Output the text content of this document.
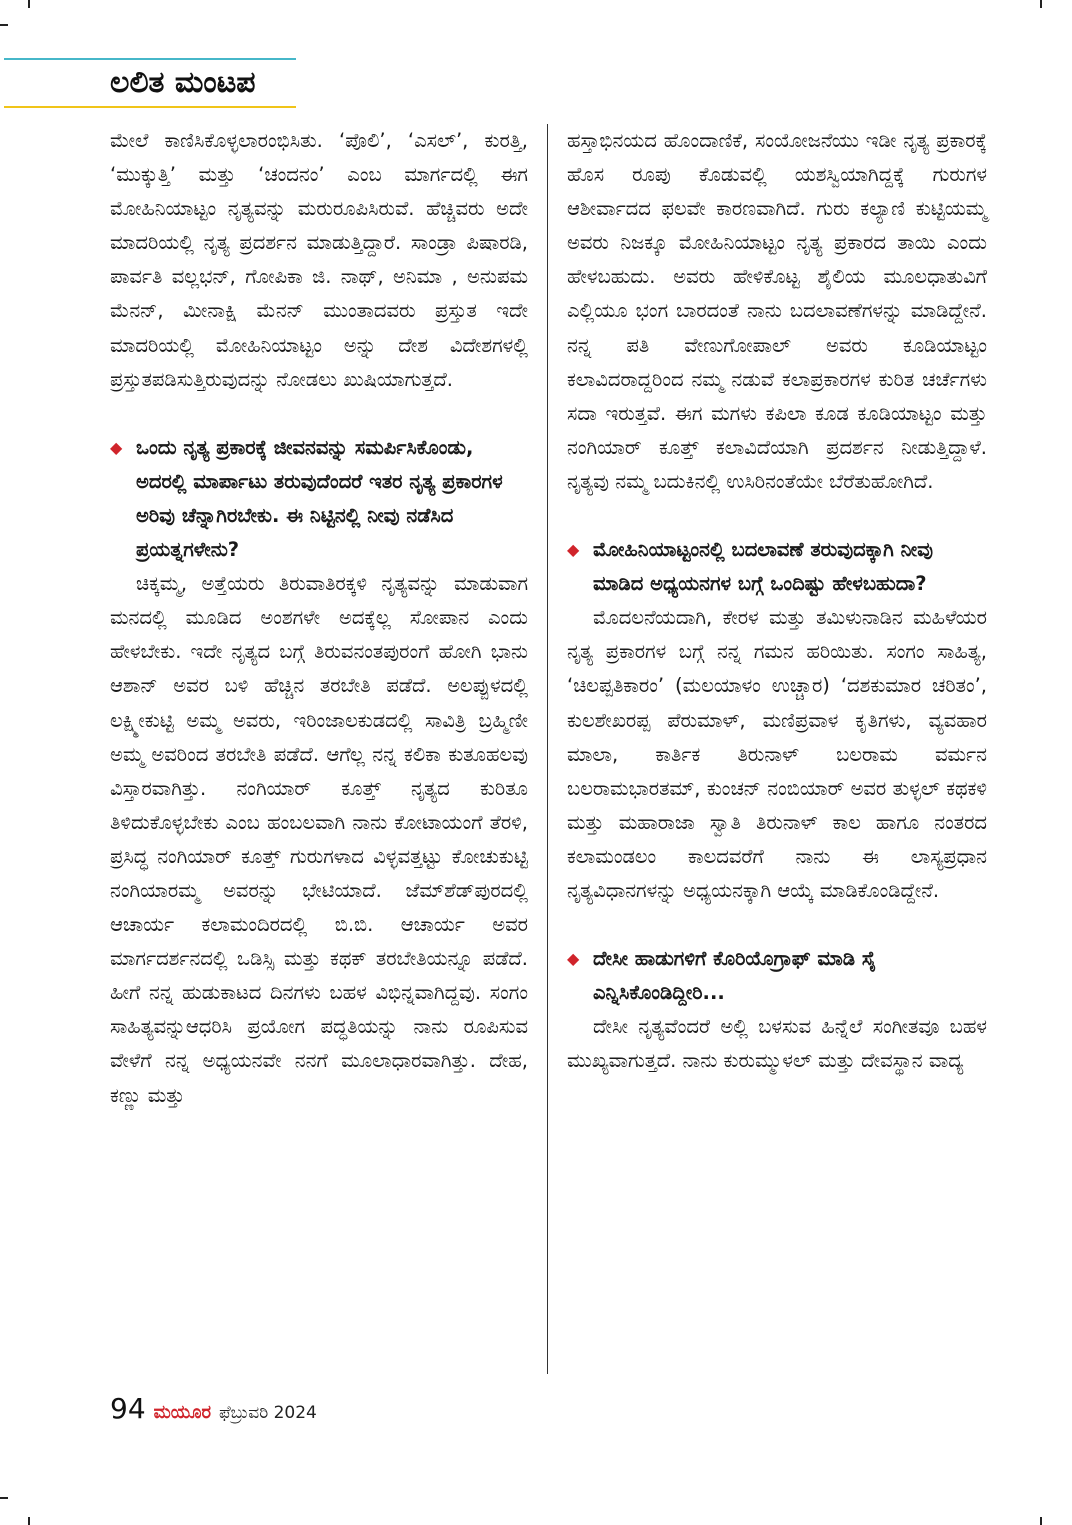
ಲಲಿತ ಮಂಟಪ

ಮೇಲೆ ಕಾಣಿಸಿಕೊಳ್ಳಲಾರಂಭಿಸಿತು. ‘ಪೊಲಿ’, ‘ಎಸಲ್’, ಕುರತ್ತಿ, ‘ಮುಕ್ಕುತ್ತಿ’ ಮತ್ತು ‘ಚಂದನಂ’ ಎಂಬ ಮಾರ್ಗದಲ್ಲಿ ಈಗ ಮೋಹಿನಿಯಾಟ್ಟಂ ನೃತ್ಯವನ್ನು ಮರುರೂಪಿಸಿರುವೆ. ಹೆಚ್ಚಿವರು ಅದೇ ಮಾದರಿಯಲ್ಲಿ ನೃತ್ಯ ಪ್ರದರ್ಶನ ಮಾಡುತ್ತಿದ್ದಾರೆ. ಸಾಂಡ್ರಾ ಪಿಷಾರಡಿ, ಪಾರ್ವತಿ ವಲ್ಲಭನ್, ಗೋಪಿಕಾ ಜಿ. ನಾಥ್, ಅನಿಮಾ , ಅನುಪಮ ಮೆನನ್, ಮೀನಾಕ್ಷಿ ಮೆನನ್ ಮುಂತಾದವರು ಪ್ರಸ್ತುತ ಇದೇ ಮಾದರಿಯಲ್ಲಿ ಮೋಹಿನಿಯಾಟ್ಟಂ ಅನ್ನು ದೇಶ ವಿದೇಶಗಳಲ್ಲಿ ಪ್ರಸ್ತುತಪಡಿಸುತ್ತಿರುವುದನ್ನು ನೋಡಲು ಖುಷಿಯಾಗುತ್ತದೆ.

◆ ಒಂದು ನೃತ್ಯ ಪ್ರಕಾರಕ್ಕೆ ಜೀವನವನ್ನು ಸಮರ್ಪಿಸಿಕೊಂಡು, ಅದರಲ್ಲಿ ಮಾರ್ಪಾಟು ತರುವುದೆಂದರೆ ಇತರ ನೃತ್ಯ ಪ್ರಕಾರಗಳ ಅರಿವು ಚೆನ್ನಾಗಿರಬೇಕು. ಈ ನಿಟ್ಟಿನಲ್ಲಿ ನೀವು ನಡೆಸಿದ ಪ್ರಯತ್ನಗಳೇನು?

ಚಿಕ್ಕಮ್ಮ, ಅತ್ತೆಯರು ತಿರುವಾತಿರಕ್ಕಳಿ ನೃತ್ಯವನ್ನು ಮಾಡುವಾಗ ಮನದಲ್ಲಿ ಮೂಡಿದ ಅಂಶಗಳೇ ಅದಕ್ಕೆಲ್ಲ ಸೋಪಾನ ಎಂದು ಹೇಳಬೇಕು. ಇದೇ ನೃತ್ಯದ ಬಗ್ಗೆ ತಿರುವನಂತಪುರಂಗೆ ಹೋಗಿ ಭಾನು ಆಶಾನ್ ಅವರ ಬಳಿ ಹೆಚ್ಚಿನ ತರಬೇತಿ ಪಡೆದೆ. ಅಲಪ್ಪುಳದಲ್ಲಿ ಲಕ್ಷ್ಮೀಕುಟ್ಟಿ ಅಮ್ಮ ಅವರು, ಇರಿಂಜಾಲಕುಡದಲ್ಲಿ ಸಾವಿತ್ರಿ ಬ್ರಹ್ಮಿಣೀ ಅಮ್ಮ ಅವರಿಂದ ತರಬೇತಿ ಪಡೆದೆ. ಆಗೆಲ್ಲ ನನ್ನ ಕಲಿಕಾ ಕುತೂಹಲವು ವಿಸ್ತಾರವಾಗಿತ್ತು. ನಂಗಿಯಾರ್ ಕೂತ್ತ್ ನೃತ್ಯದ ಕುರಿತೂ ತಿಳಿದುಕೊಳ್ಳಬೇಕು ಎಂಬ ಹಂಬಲವಾಗಿ ನಾನು ಕೋಟಾಯಂಗೆ ತೆರಳಿ, ಪ್ರಸಿದ್ಧ ನಂಗಿಯಾರ್ ಕೂತ್ತ್ ಗುರುಗಳಾದ ವಿಳ್ಳವತ್ತಟ್ಟು ಕೋಚುಕುಟ್ಟಿ ನಂಗಿಯಾರಮ್ಮ ಅವರನ್ನು ಭೇಟಿಯಾದೆ. ಜೆಮ್‌ಶೆಡ್‌ಪುರದಲ್ಲಿ ಆಚಾರ್ಯ ಕಲಾಮಂದಿರದಲ್ಲಿ ಬಿ.ಬಿ. ಆಚಾರ್ಯ ಅವರ ಮಾರ್ಗದರ್ಶನದಲ್ಲಿ ಒಡಿಸ್ಸಿ ಮತ್ತು ಕಥಕ್ ತರಬೇತಿಯನ್ನೂ ಪಡೆದೆ. ಹೀಗೆ ನನ್ನ ಹುಡುಕಾಟದ ದಿನಗಳು ಬಹಳ ವಿಭಿನ್ನವಾಗಿದ್ದವು. ಸಂಗಂ ಸಾಹಿತ್ಯವನ್ನುಆಧರಿಸಿ ಪ್ರಯೋಗ ಪದ್ಧತಿಯನ್ನು ನಾನು ರೂಪಿಸುವ ವೇಳೆಗೆ ನನ್ನ ಅಧ್ಯಯನವೇ ನನಗೆ ಮೂಲಾಧಾರವಾಗಿತ್ತು. ದೇಹ, ಕಣ್ಣು ಮತ್ತು

ಹಸ್ತಾಭಿನಯದ ಹೊಂದಾಣಿಕೆ, ಸಂಯೋಜನೆಯು ಇಡೀ ನೃತ್ಯ ಪ್ರಕಾರಕ್ಕೆ ಹೊಸ ರೂಪು ಕೊಡುವಲ್ಲಿ ಯಶಸ್ವಿಯಾಗಿದ್ದಕ್ಕೆ ಗುರುಗಳ ಆಶೀರ್ವಾದದ ಫಲವೇ ಕಾರಣವಾಗಿದೆ. ಗುರು ಕಲ್ಯಾಣಿ ಕುಟ್ಟಿಯಮ್ಮ ಅವರು ನಿಜಕ್ಕೂ ಮೋಹಿನಿಯಾಟ್ಟಂ ನೃತ್ಯ ಪ್ರಕಾರದ ತಾಯಿ ಎಂದು ಹೇಳಬಹುದು. ಅವರು ಹೇಳಿಕೊಟ್ಟ ಶೈಲಿಯ ಮೂಲಧಾತುವಿಗೆ ಎಲ್ಲಿಯೂ ಭಂಗ ಬಾರದಂತೆ ನಾನು ಬದಲಾವಣೆಗಳನ್ನು ಮಾಡಿದ್ದೇನೆ. ನನ್ನ ಪತಿ ವೇಣುಗೋಪಾಲ್ ಅವರು ಕೂಡಿಯಾಟ್ಟಂ ಕಲಾವಿದರಾದ್ದರಿಂದ ನಮ್ಮ ನಡುವೆ ಕಲಾಪ್ರಕಾರಗಳ ಕುರಿತ ಚರ್ಚೆಗಳು ಸದಾ ಇರುತ್ತವೆ. ಈಗ ಮಗಳು ಕಪಿಲಾ ಕೂಡ ಕೂಡಿಯಾಟ್ಟಂ ಮತ್ತು ನಂಗಿಯಾರ್ ಕೂತ್ತ್ ಕಲಾವಿದೆಯಾಗಿ ಪ್ರದರ್ಶನ ನೀಡುತ್ತಿದ್ದಾಳೆ. ನೃತ್ಯವು ನಮ್ಮ ಬದುಕಿನಲ್ಲಿ ಉಸಿರಿನಂತೆಯೇ ಬೆರೆತುಹೋಗಿದೆ.

◆ ಮೋಹಿನಿಯಾಟ್ಟಂನಲ್ಲಿ ಬದಲಾವಣೆ ತರುವುದಕ್ಕಾಗಿ ನೀವು ಮಾಡಿದ ಅಧ್ಯಯನಗಳ ಬಗ್ಗೆ ಒಂದಿಷ್ಟು ಹೇಳಬಹುದಾ?

ಮೊದಲನೆಯದಾಗಿ, ಕೇರಳ ಮತ್ತು ತಮಿಳುನಾಡಿನ ಮಹಿಳೆಯರ ನೃತ್ಯ ಪ್ರಕಾರಗಳ ಬಗ್ಗೆ ನನ್ನ ಗಮನ ಹರಿಯಿತು. ಸಂಗಂ ಸಾಹಿತ್ಯ, ‘ಚಿಲಪ್ಪತಿಕಾರಂ’ (ಮಲಯಾಳಂ ಉಚ್ಚಾರ) ‘ದಶಕುಮಾರ ಚರಿತಂ’, ಕುಲಶೇಖರಪ್ಪ ಪೆರುಮಾಳ್, ಮಣಿಪ್ರವಾಳ ಕೃತಿಗಳು, ವ್ಯವಹಾರ ಮಾಲಾ, ಕಾರ್ತಿಕ ತಿರುನಾಳ್ ಬಲರಾಮ ವರ್ಮನ ಬಲರಾಮಭಾರತಮ್, ಕುಂಚನ್ ನಂಬಿಯಾರ್ ಅವರ ತುಳ್ಳಲ್ ಕಥಕಳಿ ಮತ್ತು ಮಹಾರಾಜಾ ಸ್ವಾತಿ ತಿರುನಾಳ್ ಕಾಲ ಹಾಗೂ ನಂತರದ ಕಲಾಮಂಡಲಂ ಕಾಲದವರೆಗೆ ನಾನು ಈ ಲಾಸ್ಯಪ್ರಧಾನ ನೃತ್ಯವಿಧಾನಗಳನ್ನು ಅಧ್ಯಯನಕ್ಕಾಗಿ ಆಯ್ಕೆ ಮಾಡಿಕೊಂಡಿದ್ದೇನೆ.

◆ ದೇಸೀ ಹಾಡುಗಳಿಗೆ ಕೊರಿಯೊಗ್ರಾಫ್ ಮಾಡಿ ಸೈ ಎನ್ನಿಸಿಕೊಂಡಿದ್ದೀರಿ...

ದೇಸೀ ನೃತ್ಯವೆಂದರೆ ಅಲ್ಲಿ ಬಳಸುವ ಹಿನ್ನೆಲೆ ಸಂಗೀತವೂ ಬಹಳ ಮುಖ್ಯವಾಗುತ್ತದೆ. ನಾನು ಕುರುಮ್ಮುಳಲ್ ಮತ್ತು ದೇವಸ್ಥಾನ ವಾದ್ಯ

94 ಮಯೂರ ಫೆಬ್ರುವರಿ 2024
